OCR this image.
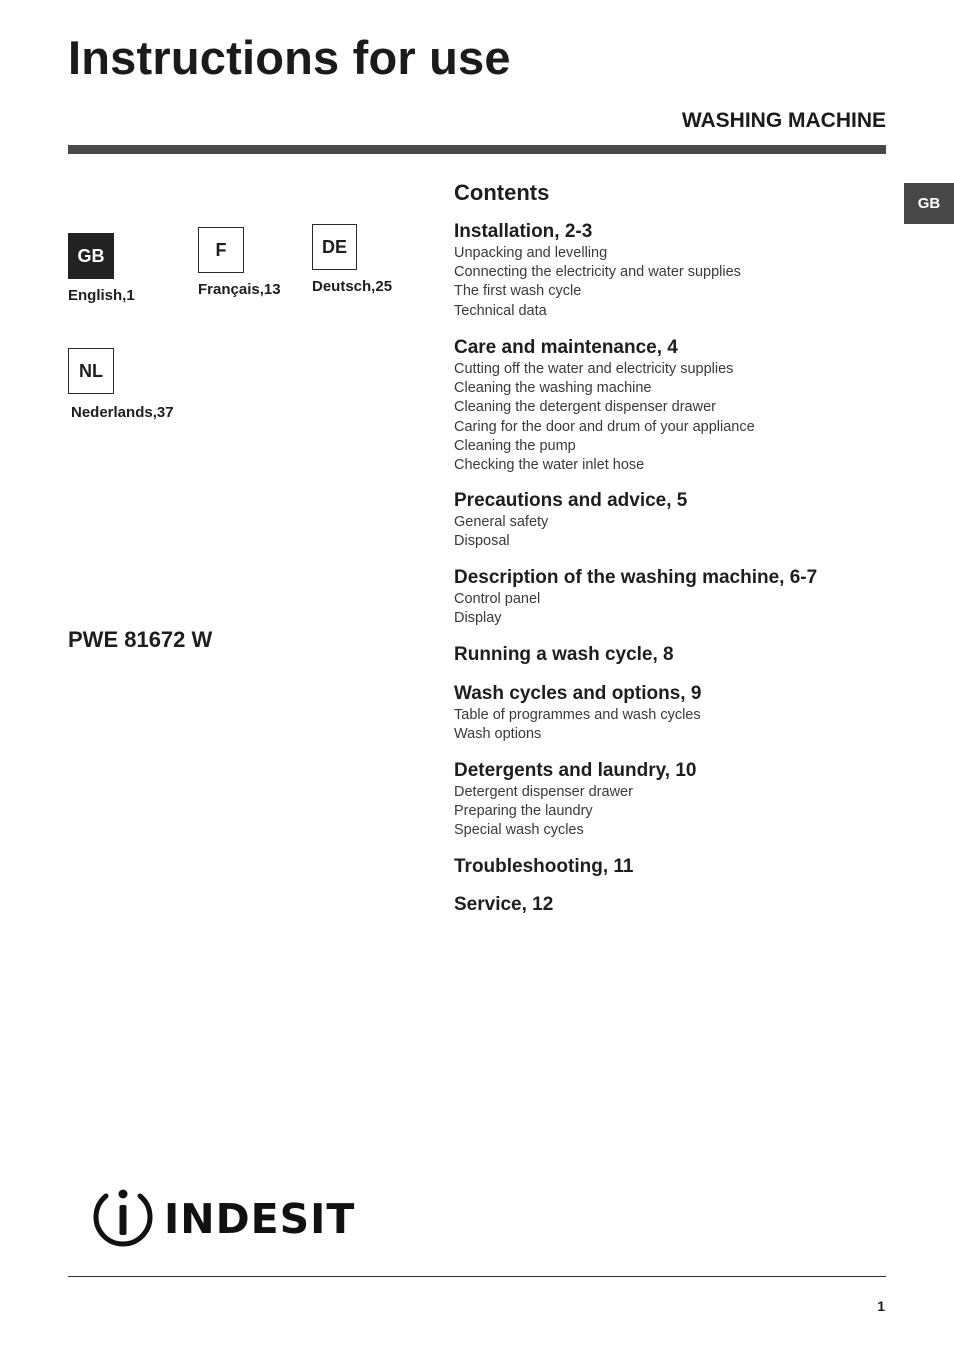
Instructions for use
WASHING MACHINE
GB
GB
English,1
F
Français,13
DE
Deutsch,25
NL
Nederlands,37
PWE 81672 W
Contents
Installation, 2-3
Unpacking and levelling
Connecting the electricity and water supplies
The first wash cycle
Technical data
Care and maintenance, 4
Cutting off the water and electricity supplies
Cleaning the washing machine
Cleaning the detergent dispenser drawer
Caring for the door and drum of your appliance
Cleaning the pump
Checking the water inlet hose
Precautions and advice, 5
General safety
Disposal
Description of the washing machine, 6-7
Control panel
Display
Running a wash cycle, 8
Wash cycles and options, 9
Table of programmes and wash cycles
Wash options
Detergents and laundry, 10
Detergent dispenser drawer
Preparing the laundry
Special wash cycles
Troubleshooting, 11
Service, 12
INDESIT
1
